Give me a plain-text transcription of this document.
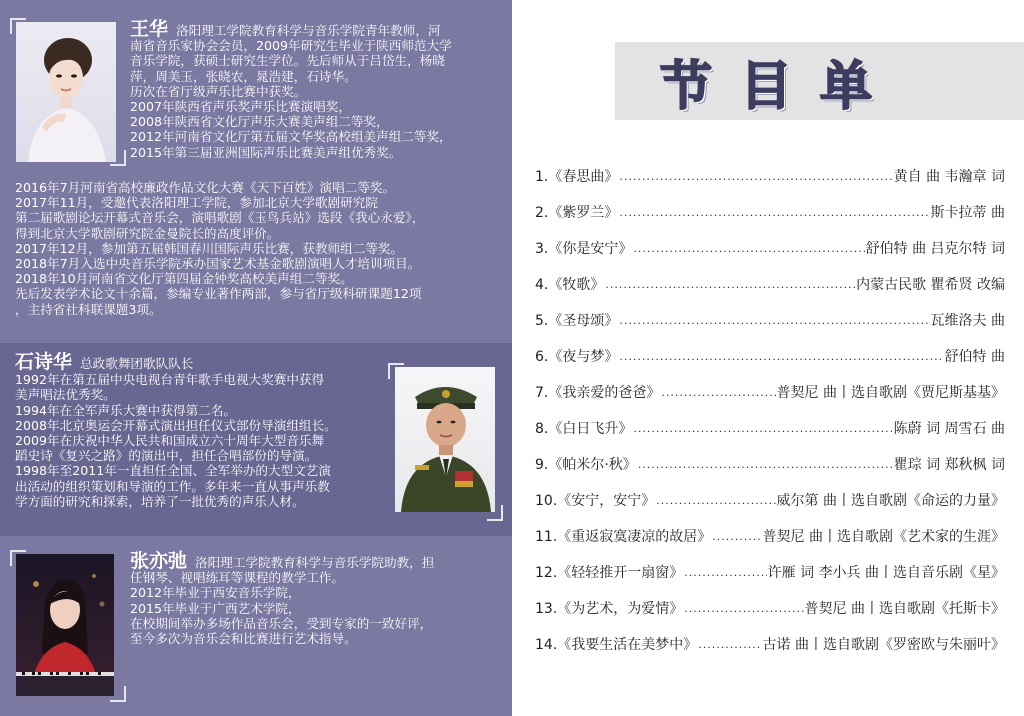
王华 洛阳理工学院教育科学与音乐学院青年教师，河

南省音乐家协会会员，2009年研究生毕业于陕西师范大学

音乐学院，获硕士研究生学位。先后师从于吕岱生，杨晓

萍，周美玉，张晓农，晁浩建，石诗华。

历次在省厅级声乐比赛中获奖。

2007年陕西省声乐奖声乐比赛演唱奖，

2008年陕西省文化厅声乐大赛美声组二等奖，

2012年河南省文化厅第五届文华奖高校组美声组二等奖，

2015年第三届亚洲国际声乐比赛美声组优秀奖。

2016年7月河南省高校廉政作品文化大赛《天下百姓》演唱二等奖。

2017年11月，受邀代表洛阳理工学院，参加北京大学歌剧研究院

第二届歌剧论坛开幕式音乐会，演唱歌剧《玉鸟兵站》选段《我心永爱》，

得到北京大学歌剧研究院金曼院长的高度评价。

2017年12月，参加第五届韩国春川国际声乐比赛，获教师组二等奖。

2018年7月入选中央音乐学院承办国家艺术基金歌剧演唱人才培训项目。

2018年10月河南省文化厅第四届金钟奖高校美声组二等奖。

先后发表学术论文十余篇，参编专业著作两部，参与省厅级科研课题12项

，主持省社科联课题3项。

石诗华 总政歌舞团歌队队长

1992年在第五届中央电视台青年歌手电视大奖赛中获得

美声唱法优秀奖。

1994年在全军声乐大赛中获得第二名。

2008年北京奥运会开幕式演出担任仪式部份导演组组长。

2009年在庆祝中华人民共和国成立六十周年大型音乐舞

蹈史诗《复兴之路》的演出中，担任合唱部份的导演。

1998年至2011年一直担任全国、全军举办的大型文艺演

出活动的组织策划和导演的工作。多年来一直从事声乐教

学方面的研究和探索，培养了一批优秀的声乐人材。

张亦弛 洛阳理工学院教育科学与音乐学院助教，担

任钢琴、视唱练耳等课程的教学工作。

2012年毕业于西安音乐学院，

2015年毕业于广西艺术学院，

在校期间举办多场作品音乐会，受到专家的一致好评，

至今多次为音乐会和比赛进行艺术指导。

节目单
1.《春思曲》 .....	黄自 曲 韦瀚章 词
2.《紫罗兰》 .....	斯卡拉蒂 曲
3.《你是安宁》 .....	舒伯特 曲 吕克尔特 词
4.《牧歌》 .....	内蒙古民歌 瞿希贤 改编
5.《圣母颂》 .....	瓦维洛夫 曲
6.《夜与梦》 .....	舒伯特 曲
7.《我亲爱的爸爸》 .....	普契尼 曲丨选自歌剧《贾尼斯基基》
8.《白日飞升》 .....	陈蔚 词 周雪石 曲
9.《帕米尔·秋》 .....	瞿琮 词 郑秋枫 词
10.《安宁，安宁》 .....	威尔第 曲丨选自歌剧《命运的力量》
11.《重返寂寞凄凉的故居》 .....	普契尼 曲丨选自歌剧《艺术家的生涯》
12.《轻轻推开一扇窗》 .....	许雁 词 李小兵 曲丨选自音乐剧《星》
13.《为艺术，为爱情》 .....	普契尼 曲丨选自歌剧《托斯卡》
14.《我要生活在美梦中》 .....	古诺 曲丨选自歌剧《罗密欧与朱丽叶》
